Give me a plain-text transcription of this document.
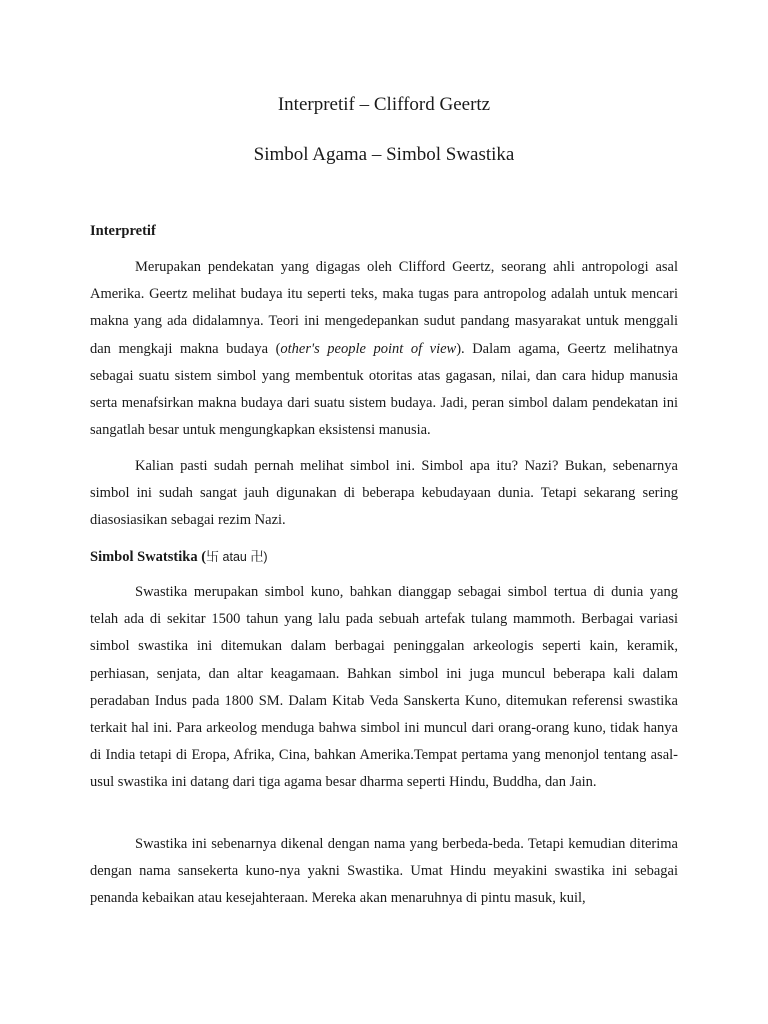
Interpretif – Clifford Geertz
Simbol Agama – Simbol Swastika
Interpretif

Merupakan pendekatan yang digagas oleh Clifford Geertz, seorang ahli antropologi asal Amerika. Geertz melihat budaya itu seperti teks, maka tugas para antropolog adalah untuk mencari makna yang ada didalamnya. Teori ini mengedepankan sudut pandang masyarakat untuk menggali dan mengkaji makna budaya (other's people point of view). Dalam agama, Geertz melihatnya sebagai suatu sistem simbol yang membentuk otoritas atas gagasan, nilai, dan cara hidup manusia serta menafsirkan makna budaya dari suatu sistem budaya. Jadi, peran simbol dalam pendekatan ini sangatlah besar untuk mengungkapkan eksistensi manusia.

Kalian pasti sudah pernah melihat simbol ini. Simbol apa itu? Nazi? Bukan, sebenarnya simbol ini sudah sangat jauh digunakan di beberapa kebudayaan dunia. Tetapi sekarang sering diasosiasikan sebagai rezim Nazi.

Simbol Swatstika (卐 atau 卍)

Swastika merupakan simbol kuno, bahkan dianggap sebagai simbol tertua di dunia yang telah ada di sekitar 1500 tahun yang lalu pada sebuah artefak tulang mammoth. Berbagai variasi simbol swastika ini ditemukan dalam berbagai peninggalan arkeologis seperti kain, keramik, perhiasan, senjata, dan altar keagamaan. Bahkan simbol ini juga muncul beberapa kali dalam peradaban Indus pada 1800 SM. Dalam Kitab Veda Sanskerta Kuno, ditemukan referensi swastika terkait hal ini. Para arkeolog menduga bahwa simbol ini muncul dari orang-orang kuno, tidak hanya di India tetapi di Eropa, Afrika, Cina, bahkan Amerika.Tempat pertama yang menonjol tentang asal-usul swastika ini datang dari tiga agama besar dharma seperti Hindu, Buddha, dan Jain.

Swastika ini sebenarnya dikenal dengan nama yang berbeda-beda. Tetapi kemudian diterima dengan nama sansekerta kuno-nya yakni Swastika. Umat Hindu meyakini swastika ini sebagai penanda kebaikan atau kesejahteraan. Mereka akan menaruhnya di pintu masuk, kuil,
